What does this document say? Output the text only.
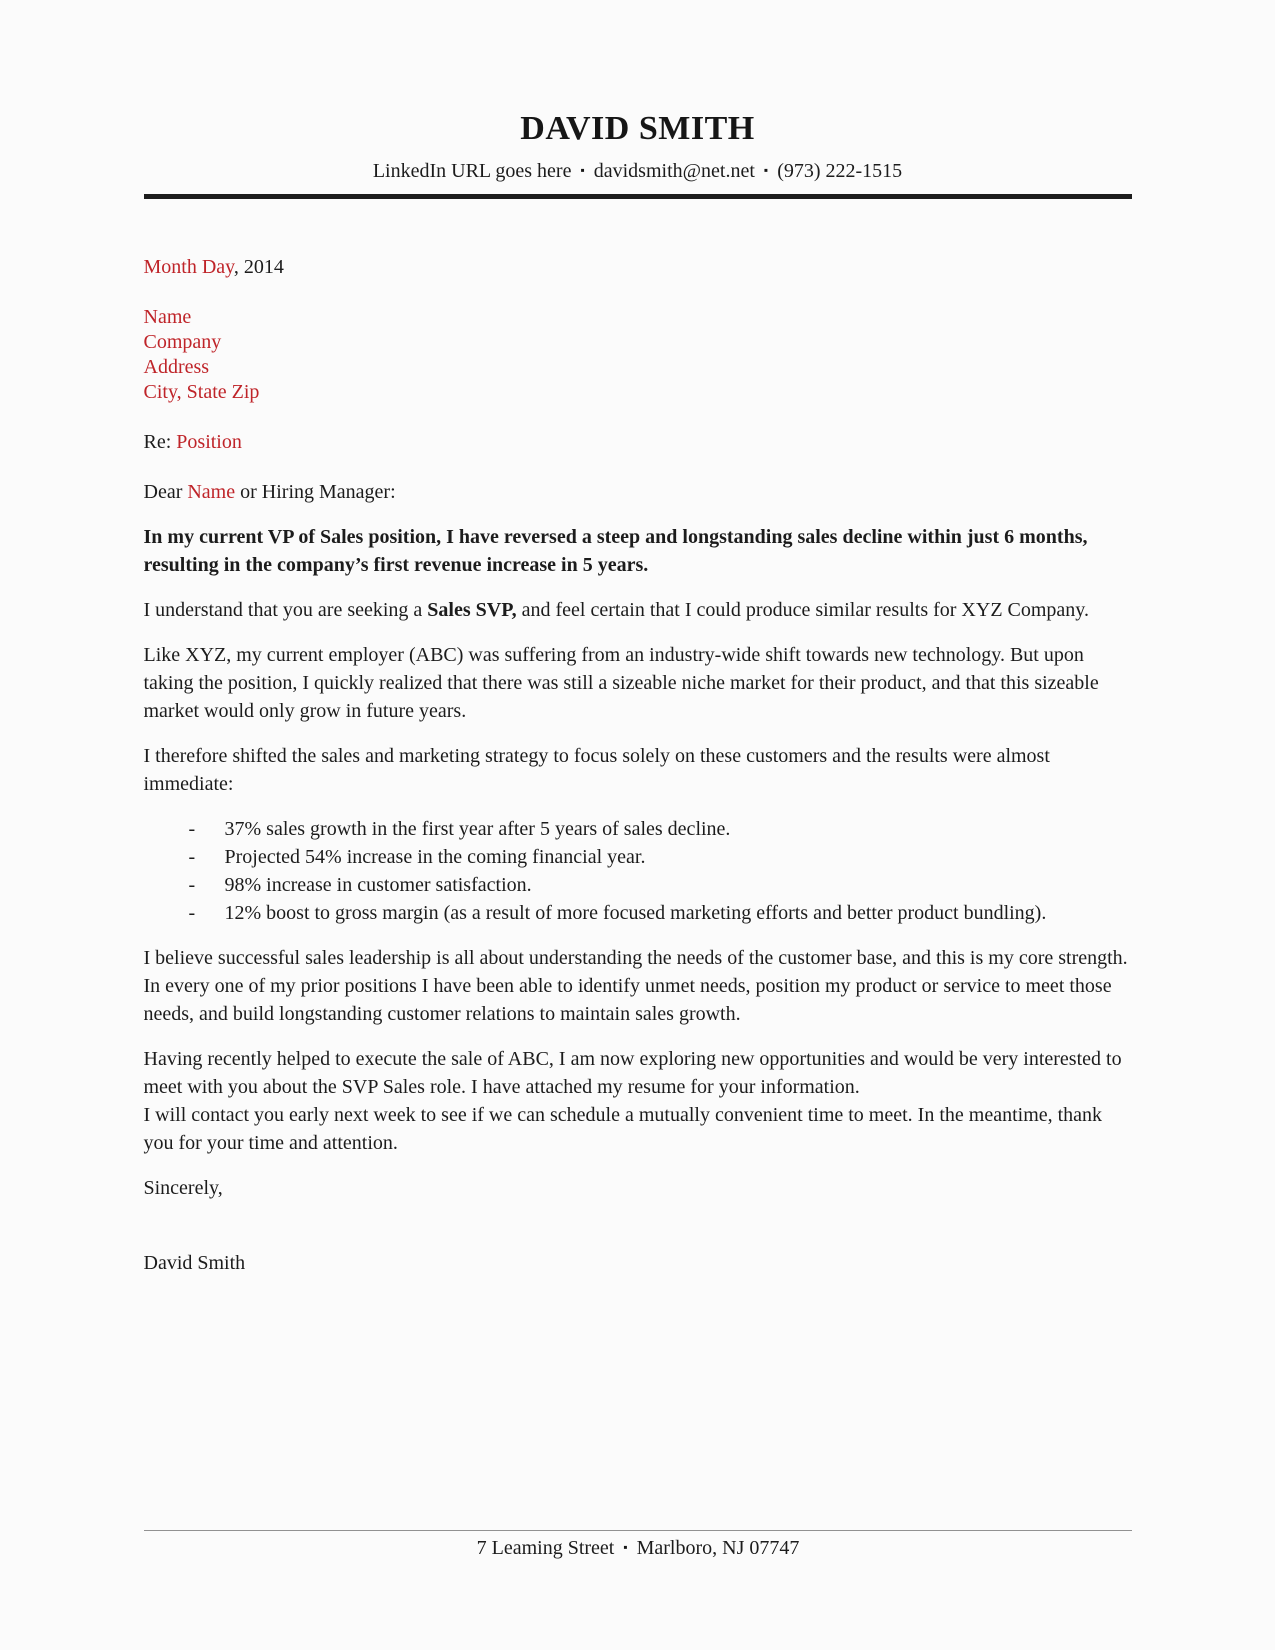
DAVID SMITH
LinkedIn URL goes here ▪ davidsmith@net.net ▪ (973) 222-1515
Month Day, 2014
Name
Company
Address
City, State Zip
Re: Position
Dear Name or Hiring Manager:

In my current VP of Sales position, I have reversed a steep and longstanding sales decline within just 6 months, resulting in the company’s first revenue increase in 5 years.

I understand that you are seeking a Sales SVP, and feel certain that I could produce similar results for XYZ Company.

Like XYZ, my current employer (ABC) was suffering from an industry-wide shift towards new technology. But upon taking the position, I quickly realized that there was still a sizeable niche market for their product, and that this sizeable market would only grow in future years.

I therefore shifted the sales and marketing strategy to focus solely on these customers and the results were almost immediate:

- 37% sales growth in the first year after 5 years of sales decline.
- Projected 54% increase in the coming financial year.
- 98% increase in customer satisfaction.
- 12% boost to gross margin (as a result of more focused marketing efforts and better product bundling).

I believe successful sales leadership is all about understanding the needs of the customer base, and this is my core strength. In every one of my prior positions I have been able to identify unmet needs, position my product or service to meet those needs, and build longstanding customer relations to maintain sales growth.

Having recently helped to execute the sale of ABC, I am now exploring new opportunities and would be very interested to meet with you about the SVP Sales role. I have attached my resume for your information.
I will contact you early next week to see if we can schedule a mutually convenient time to meet. In the meantime, thank you for your time and attention.

Sincerely,

David Smith

7 Leaming Street ▪ Marlboro, NJ 07747
